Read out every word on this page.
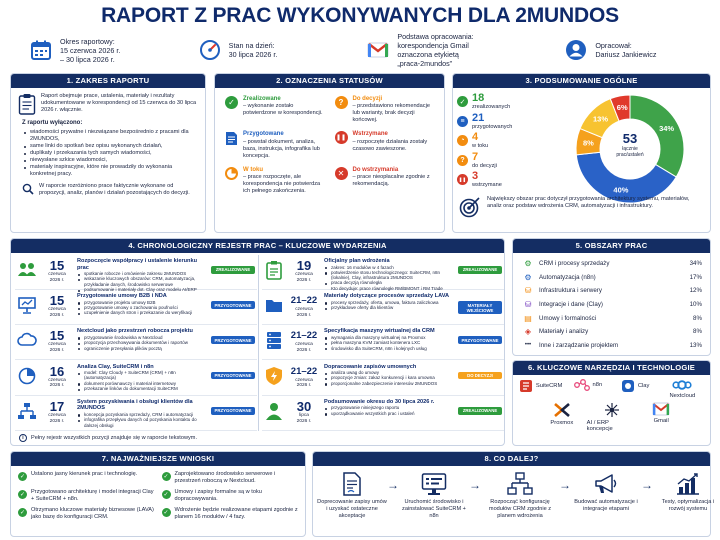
RAPORT Z PRAC WYKONYWANYCH DLA 2MUNDOS
Okres raportowy:
15 czerwca 2026 r.
– 30 lipca 2026 r.
Stan na dzień:
30 lipca 2026 r.
Podstawa opracowania:
korespondencja Gmail
oznaczona etykietą
„praca-2mundos”
Opracował:
Dariusz Jankiewicz
1. ZAKRES RAPORTU
Raport obejmuje prace, ustalenia, materiały i rezultaty udokumentowane w korespondencji od 15 czerwca do 30 lipca 2026 r. włącznie.
Z raportu wyłączono:
wiadomości prywatne i niezwiązane bezpośrednio z pracami dla 2MUNDOS,
same linki do spotkań bez opisu wykonanych działań,
duplikaty i przekazania tych samych wiadomości,
niewysłane szkice wiadomości,
materiały inspiracyjne, które nie prowadziły do wykonania konkretnej pracy.
W raporcie rozróżniono prace faktycznie wykonane od propozycji, analiz, planów i działań pozostających do decyzji.
2. OZNACZENIA STATUSÓW
✓	Zrealizowane
– wykonanie zostało potwierdzone w korespondencji.
?	Do decyzji
– przedstawiono rekomendacje lub warianty, brak decyzji końcowej.
Przygotowane
– powstał dokument, analiza, baza, instrukcja, infografika lub koncepcja.
❚❚
Wstrzymane
– rozpoczęte działania zostały czasowo zawieszone.
W toku
– prace rozpoczęte, ale korespondencja nie potwierdza ich pełnego zakończenia.
✕	Do wstrzymania
– prace nieopłacalne zgodnie z rekomendacją.
3. PODSUMOWANIE OGÓLNE
✓ 18
zrealizowanych
≡ 21
przygotowanych
◔ 4
w toku
? 7
do decyzji
❚❚ 3
wstrzymane
34%
40%
8%
13%
6%
53
łącznie
prac/ustaleń
Największy obszar prac dotyczył przygotowania architektury systemu, materiałów, analiz oraz podstaw wdrożenia CRM, automatyzacji i infrastruktury.
4. CHRONOLOGICZNY REJESTR PRAC – KLUCZOWE WYDARZENIA
15
czerwca
2026 r.
Rozpoczęcie współpracy i ustalenie kierunku prac
spotkanie robocze i omówienie zakresu 2MUNDOS
wskazanie kluczowych obszarów: CRM, automatyzacja, przykładanie danych, środowisko serwerowe
podsumowanie i materiały dot. Clay oraz modelu AI/ERP
ZREALIZOWANE
15
czerwca
2026 r.
Przygotowanie umowy B2B i NDA
przygotowanie projektu umowy B2B
przygotowanie umowy o zachowaniu poufności
uzupełnienie danych stron i przekazanie do weryfikacji
PRZYGOTOWANE
15
czerwca
2026 r.
Nextcloud jako przestrzeń robocza projektu
przygotowanie środowiska w Nextcloud
propozycja przechowywania dokumentów i raportów
ograniczenie przesyłania plików pocztą
PRZYGOTOWANE
16
czerwca
2026 r.
Analiza Clay, SuiteCRM i n8n
model: Clay Cloudy + SuiteCRM (CRM) + n8n (automatyzacja)
dokument porównawczy i materiał internetowy
przekazanie linków do dokumentacji SuiteCRM
PRZYGOTOWANE
17
czerwca
2026 r.
System pozyskiwania i obsługi klientów dla 2MUNDOS
koncepcja pozyskania sprzedaży, CRM i automatyzacji
infografika przepływu danych od pozyskania kontaktu do dalszej obsługi
PRZYGOTOWANE
19
czerwca
2026 r.
Oficjalny plan wdrożenia
zakres: 16 modułów w 4 fazach
potwierdzenie stosu technologicznego: SuiteCRM, n8n (lokalnie), Clay, infrastruktura 2MUNDOS
praca decyzją równoległa
Kto decyduje: prace równoległe RM/BMONT i RM Trade
ZREALIZOWANE
21–22
czerwca
2026 r.
Materiały dotyczące procesów sprzedaży LAVA
procesy sprzedaży, oferta, umowa, faktura zaliczkowa
przykładowe oferty dla klientów	MATERIAŁY WEJŚCIOWE
21–22
czerwca
2026 r.
Specyfikacja maszyny wirtualnej dla CRM
wymagania dla maszyny wirtualnej na Proxmox
pełna maszyna KVM zamiast kontenera LXC
środowisko dla SuiteCRM, n8n i kolejnych usług
PRZYGOTOWANE
21–22
czerwca
2026 r.
Dopracowanie zapisów umownych
analiza uwag do umowy
propozycje zmian: zakaz konkurencji i kara umowna
proporcjonalne zabezpieczenie interesów 2MUNDOS
DO DECYZJI
30
lipca
2026 r.
Podsumowanie okresu do 30 lipca 2026 r.
przygotowanie niniejszego raportu
uporządkowanie wszystkich prac i ustaleń	ZREALIZOWANE
i	Pełny rejestr wszystkich pozycji znajduje się w raporcie tekstowym.
5. OBSZARY PRAC
⚙	CRM i procesy sprzedaży	34%
⚙	Automatyzacja (n8n)	17%
⛁	Infrastruktura i serwery	12%
⛁	Integracje i dane (Clay)	10%
▤	Umowy i formalności	8%
◈	Materiały i analizy	8%
•••	Inne i zarządzanie projektem	13%
6. KLUCZOWE NARZĘDZIA I TECHNOLOGIE
SuiteCRM	n8n	Clay
Nextcloud
Proxmox AI / ERP koncepcje
Gmail
7. NAJWAŻNIEJSZE WNIOSKI
✓	Ustalono jasny kierunek prac i technologię.	✓	Zaprojektowano środowisko serwerowe i przestrzeń roboczą w Nextcloud.
✓	Przygotowano architekturę i model integracji Clay + SuiteCRM + n8n.
✓	Umowy i zapisy formalne są w toku dopracowywania.
✓	Otrzymano kluczowe materiały biznesowe (LAVA) jako bazę do konfiguracji CRM.
✓	Wdrożenie będzie realizowane etapami zgodnie z planem 16 modułów / 4 fazy.
8. CO DALEJ?
Doprecowanie zapisy umów i uzyskać ostateczne akceptacje
→
Uruchomić środowisko i zainstalować SuiteCRM + n8n
→
Rozpocząć konfigurację modułów CRM zgodnie z planem wdrożenia
→
Budować automatyzacje i integracje etapami
→
Testy, optymalizacja i rozwój systemu
